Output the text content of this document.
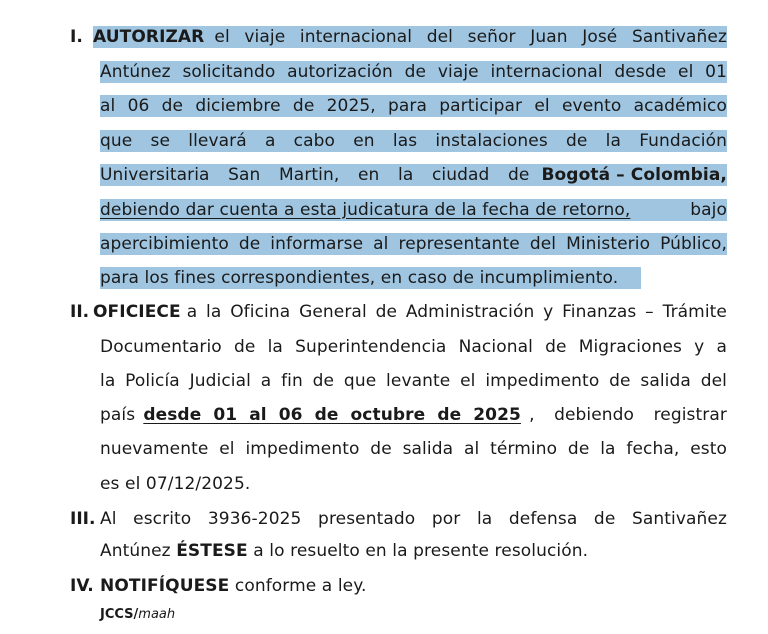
I. AUTORIZAR el viaje internacional del señor Juan José Santivañez
Antúnez solicitando autorización de viaje internacional desde el 01
al 06 de diciembre de 2025, para participar el evento académico
que se llevará a cabo en las instalaciones de la Fundación
Universitaria San Martin, en la ciudad de Bogotá – Colombia,
debiendo dar cuenta a esta judicatura de la fecha de retorno,	bajo
apercibimiento de informarse al representante del Ministerio Público,
para los fines correspondientes, en caso de incumplimiento.
II. OFICIECE a la Oficina General de Administración y Finanzas – Trámite
Documentario de la Superintendencia Nacional de Migraciones y a
la Policía Judicial a fin de que levante el impedimento de salida del
país desde 01 al 06 de octubre de 2025 , debiendo registrar
nuevamente el impedimento de salida al término de la fecha, esto
es el 07/12/2025.
III. Al escrito 3936-2025 presentado por la defensa de Santivañez
Antúnez ÉSTESE a lo resuelto en la presente resolución.
IV. NOTIFÍQUESE conforme a ley.
JCCS/maah
